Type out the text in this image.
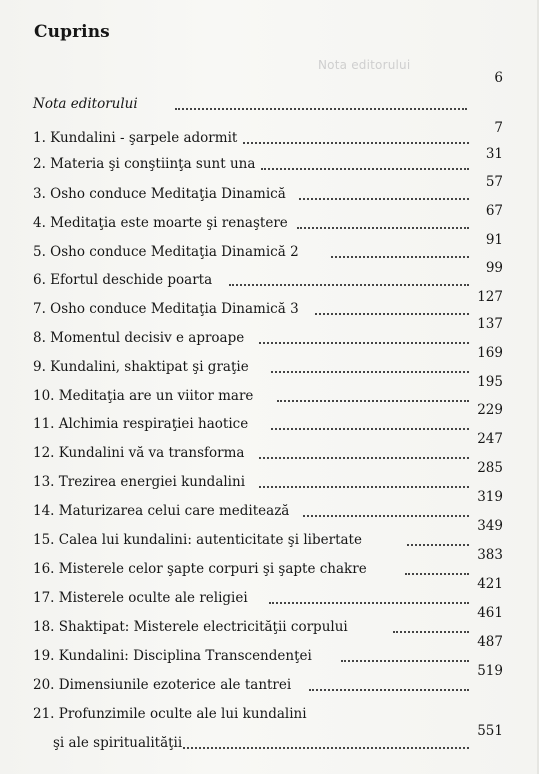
Nota editorului
Cuprins
Nota editorului
6
1. Kundalini - şarpele adormit
7
2. Materia şi conştiinţa sunt una
31
3. Osho conduce Meditaţia Dinamică
57
4. Meditaţia este moarte şi renaştere
67
5. Osho conduce Meditaţia Dinamică 2
91
6. Efortul deschide poarta
99
7. Osho conduce Meditaţia Dinamică 3
127
8. Momentul decisiv e aproape
137
9. Kundalini, shaktipat şi graţie
169
10. Meditaţia are un viitor mare
195
11. Alchimia respiraţiei haotice
229
12. Kundalini vă va transforma
247
13. Trezirea energiei kundalini
285
14. Maturizarea celui care meditează
319
15. Calea lui kundalini: autenticitate şi libertate
349
16. Misterele celor şapte corpuri şi şapte chakre
383
17. Misterele oculte ale religiei
421
18. Shaktipat: Misterele electricităţii corpului
461
19. Kundalini: Disciplina Transcendenţei
487
20. Dimensiunile ezoterice ale tantrei
519
21. Profunzimile oculte ale lui kundalini
şi ale spiritualităţii
551
